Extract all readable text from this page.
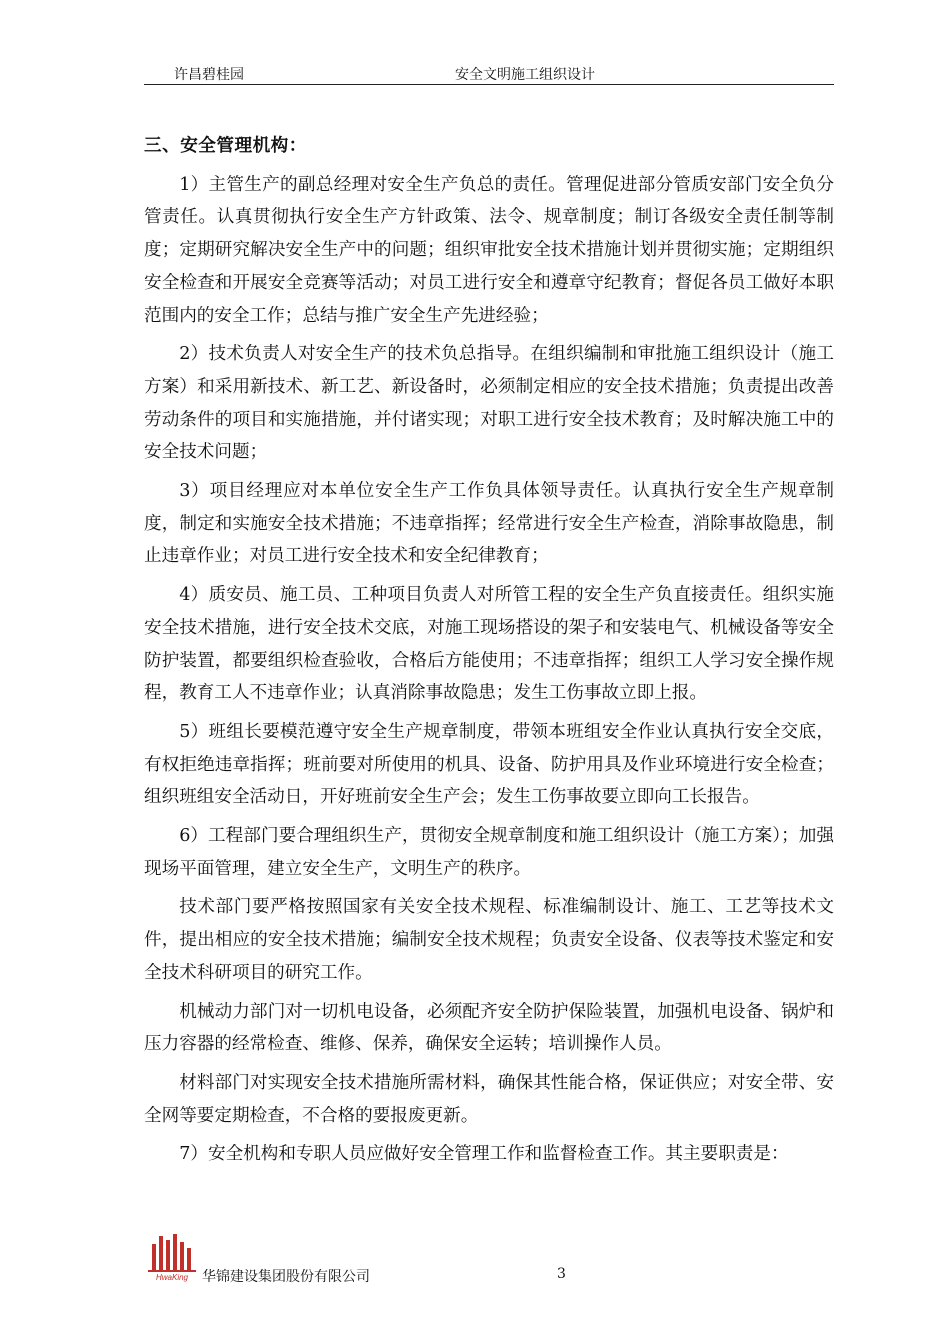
许昌碧桂园	安全文明施工组织设计
三、安全管理机构：

1）主管生产的副总经理对安全生产负总的责任。管理促进部分管质安部门安全负分管责任。认真贯彻执行安全生产方针政策、法令、规章制度；制订各级安全责任制等制度；定期研究解决安全生产中的问题；组织审批安全技术措施计划并贯彻实施；定期组织安全检查和开展安全竞赛等活动；对员工进行安全和遵章守纪教育；督促各员工做好本职范围内的安全工作；总结与推广安全生产先进经验；

2）技术负责人对安全生产的技术负总指导。在组织编制和审批施工组织设计（施工方案）和采用新技术、新工艺、新设备时，必须制定相应的安全技术措施；负责提出改善劳动条件的项目和实施措施，并付诸实现；对职工进行安全技术教育；及时解决施工中的安全技术问题；

3）项目经理应对本单位安全生产工作负具体领导责任。认真执行安全生产规章制度，制定和实施安全技术措施；不违章指挥；经常进行安全生产检查，消除事故隐患，制止违章作业；对员工进行安全技术和安全纪律教育；

4）质安员、施工员、工种项目负责人对所管工程的安全生产负直接责任。组织实施安全技术措施，进行安全技术交底，对施工现场搭设的架子和安装电气、机械设备等安全防护装置，都要组织检查验收，合格后方能使用；不违章指挥；组织工人学习安全操作规程，教育工人不违章作业；认真消除事故隐患；发生工伤事故立即上报。

5）班组长要模范遵守安全生产规章制度，带领本班组安全作业认真执行安全交底，有权拒绝违章指挥；班前要对所使用的机具、设备、防护用具及作业环境进行安全检查；组织班组安全活动日，开好班前安全生产会；发生工伤事故要立即向工长报告。

6）工程部门要合理组织生产，贯彻安全规章制度和施工组织设计（施工方案）；加强现场平面管理，建立安全生产，文明生产的秩序。

技术部门要严格按照国家有关安全技术规程、标准编制设计、施工、工艺等技术文件，提出相应的安全技术措施；编制安全技术规程；负责安全设备、仪表等技术鉴定和安全技术科研项目的研究工作。

机械动力部门对一切机电设备，必须配齐安全防护保险装置，加强机电设备、锅炉和压力容器的经常检查、维修、保养，确保安全运转；培训操作人员。

材料部门对实现安全技术措施所需材料，确保其性能合格，保证供应；对安全带、安全网等要定期检查，不合格的要报废更新。

7）安全机构和专职人员应做好安全管理工作和监督检查工作。其主要职责是：

HwaKing 华锦建设集团股份有限公司	3
